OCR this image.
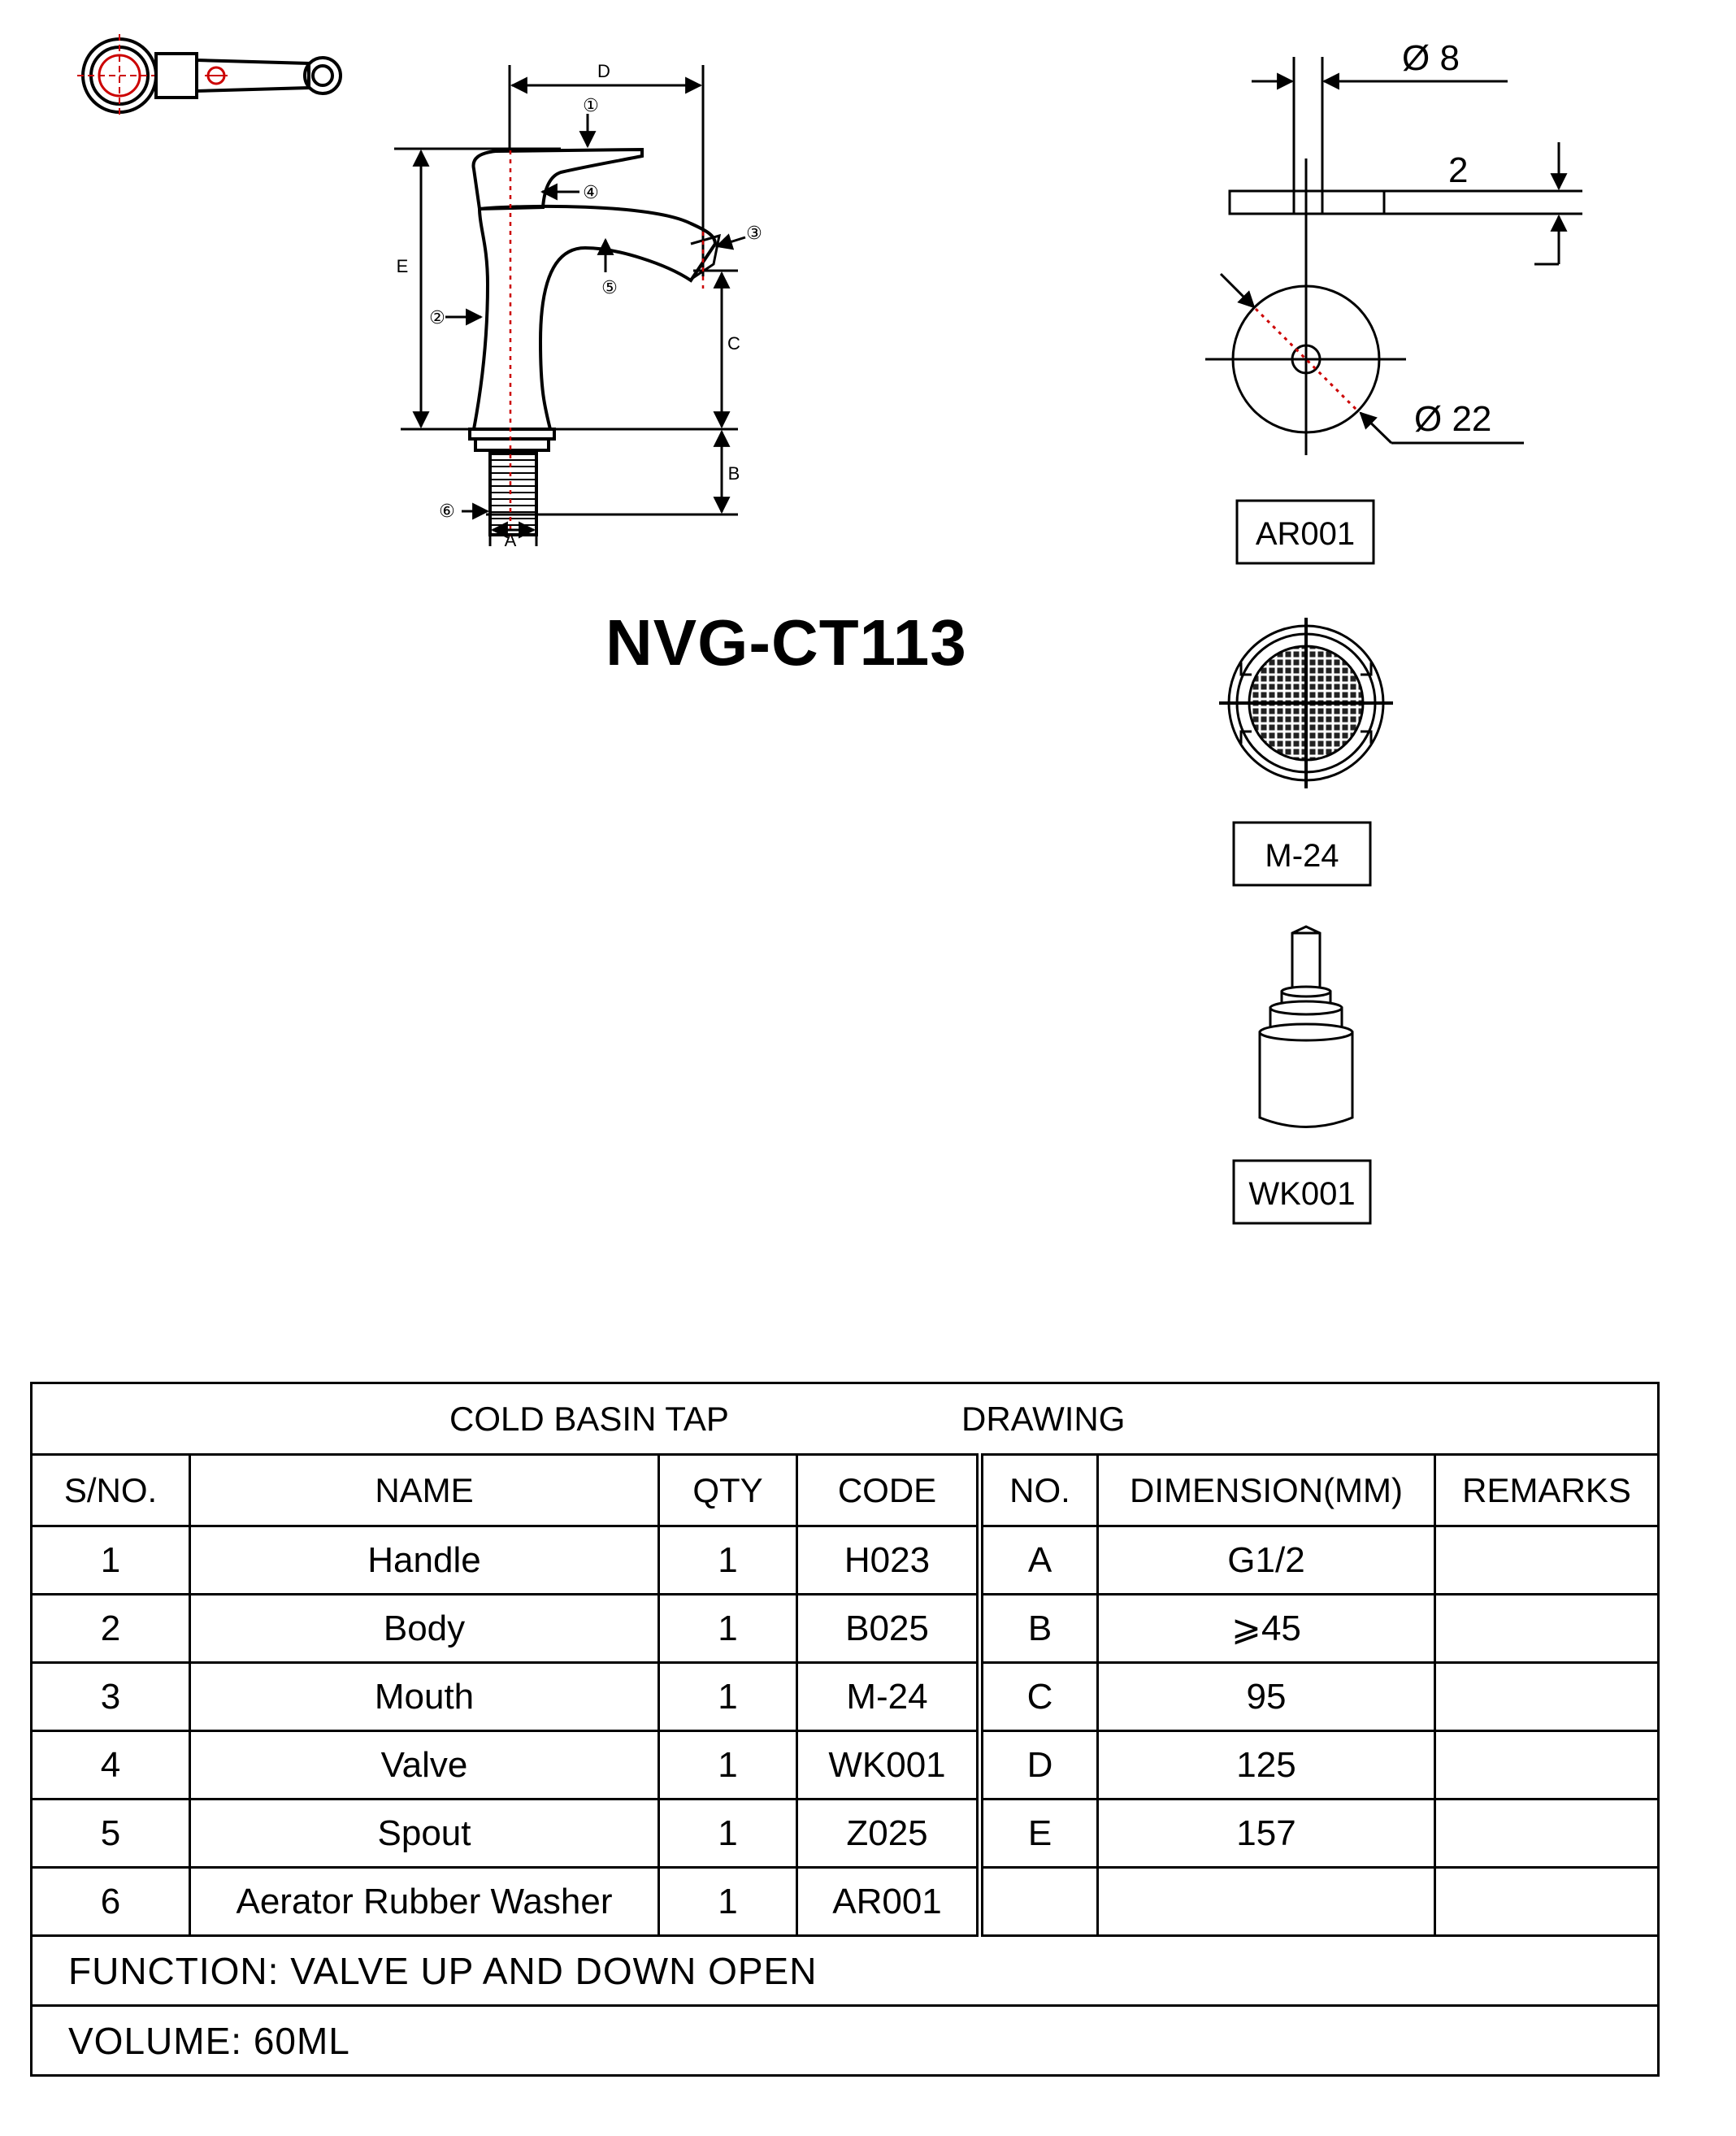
D
E
C
B
A
①
②
③
④
⑤
⑥
Ø 8
2
Ø 22
AR001
M-24
WK001
NVG-CT113
COLD BASIN TAP DRAWING						

S/NO.	NAME	QTY	CODE	NO.	DIMENSION(MM)	REMARKS
1	Handle	1	H023	A	G1/2	
2	Body	1	B025	B	⩾45	
3	Mouth	1	M-24	C	95	
4	Valve	1	WK001	D	125	
5	Spout	1	Z025	E	157	
6	Aerator Rubber Washer	1	AR001			
FUNCTION: VALVE UP AND DOWN OPEN						
VOLUME: 60ML						
